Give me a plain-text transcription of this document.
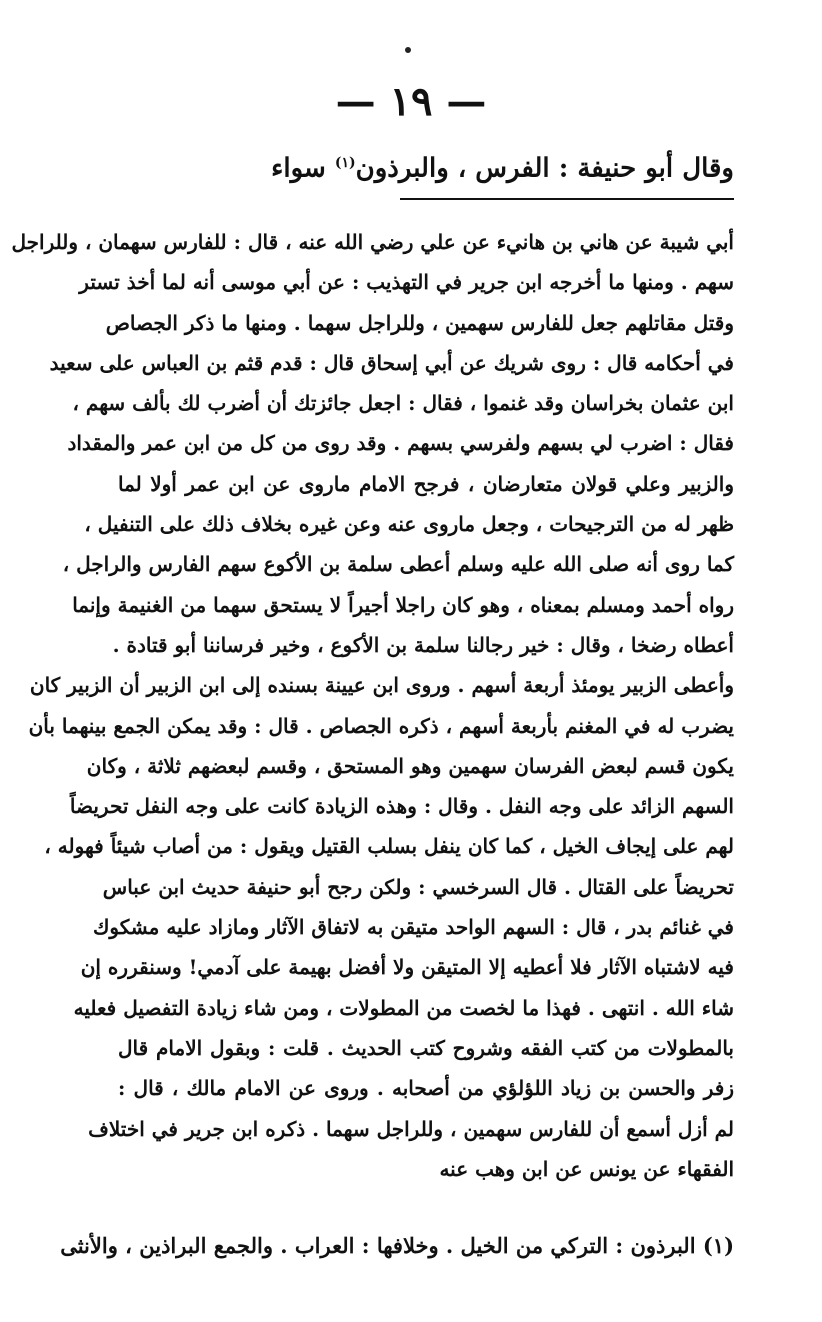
— ١٩ —
وقال أبو حنيفة : الفرس ، والبرذون$^{(١)}$ سواء
أبي شيبة عن هاني بن هانيء عن علي رضي الله عنه ، قال : للفارس سهمان ، وللراجل
سهم . ومنها ما أخرجه ابن جرير في التهذيب : عن أبي موسى أنه لما أخذ تستر
وقتل مقاتلهم جعل للفارس سهمين ، وللراجل سهما . ومنها ما ذكر الجصاص
في أحكامه قال : روى شريك عن أبي إسحاق قال : قدم قثم بن العباس على سعيد
ابن عثمان بخراسان وقد غنموا ، فقال : اجعل جائزتك أن أضرب لك بألف سهم ،
فقال : اضرب لي بسهم ولفرسي بسهم . وقد روى من كل من ابن عمر والمقداد
والزبير وعلي قولان متعارضان ، فرجح الامام ماروى عن ابن عمر أولا لما
ظهر له من الترجيحات ، وجعل ماروى عنه وعن غيره بخلاف ذلك على التنفيل ،
كما روى أنه صلى الله عليه وسلم أعطى سلمة بن الأكوع سهم الفارس والراجل ،
رواه أحمد ومسلم بمعناه ، وهو كان راجلا أجيراً لا يستحق سهما من الغنيمة وإنما
أعطاه رضخا ، وقال : خير رجالنا سلمة بن الأكوع ، وخير فرساننا أبو قتادة .
وأعطى الزبير يومئذ أربعة أسهم . وروى ابن عيينة بسنده إلى ابن الزبير أن الزبير كان
يضرب له في المغنم بأربعة أسهم ، ذكره الجصاص . قال : وقد يمكن الجمع بينهما بأن
يكون قسم لبعض الفرسان سهمين وهو المستحق ، وقسم لبعضهم ثلاثة ، وكان
السهم الزائد على وجه النفل . وقال : وهذه الزيادة كانت على وجه النفل تحريضاً
لهم على إيجاف الخيل ، كما كان ينفل بسلب القتيل ويقول : من أصاب شيئاً فهوله ،
تحريضاً على القتال . قال السرخسي : ولكن رجح أبو حنيفة حديث ابن عباس
في غنائم بدر ، قال : السهم الواحد متيقن به لاتفاق الآثار ومازاد عليه مشكوك
فيه لاشتباه الآثار فلا أعطيه إلا المتيقن ولا أفضل بهيمة على آدمي! وسنقرره إن
شاء الله . انتهى . فهذا ما لخصت من المطولات ، ومن شاء زيادة التفصيل فعليه
بالمطولات من كتب الفقه وشروح كتب الحديث . قلت : وبقول الامام قال
زفر والحسن بن زياد اللؤلؤي من أصحابه . وروى عن الامام مالك ، قال :
لم أزل أسمع أن للفارس سهمين ، وللراجل سهما . ذكره ابن جرير في اختلاف
الفقهاء عن يونس عن ابن وهب عنه
(١) البرذون : التركي من الخيل . وخلافها : العراب . والجمع البراذين ، والأنثى
